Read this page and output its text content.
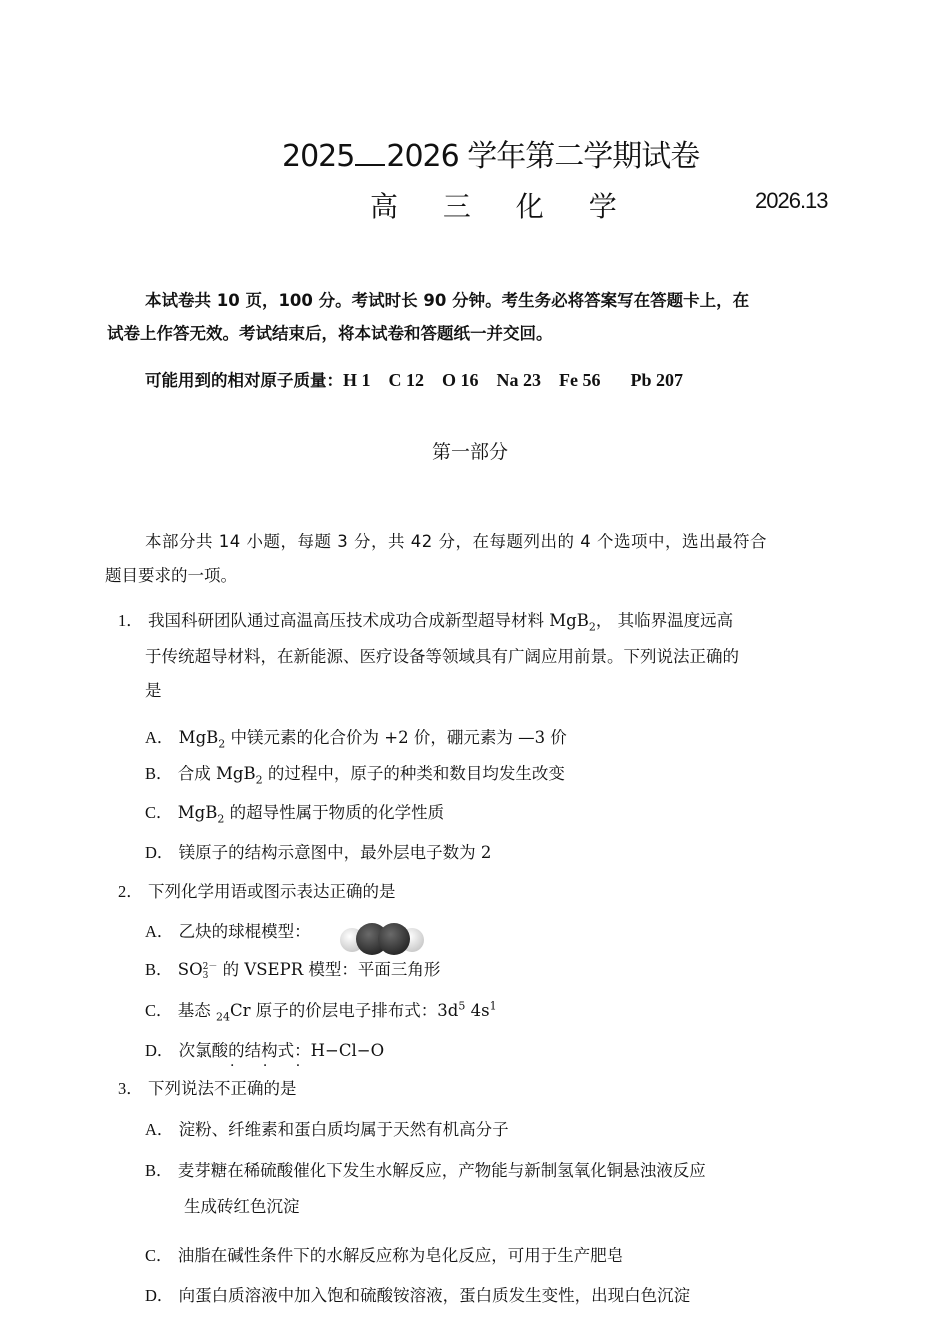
2025 2026 学年第二学期试卷
高 三 化 学	2026.13
本试卷共 10 页，100 分。考试时长 90 分钟。考生务必将答案写在答题卡上，在
试卷上作答无效。考试结束后，将本试卷和答题纸一并交回。
可能用到的相对原子质量：H 1 C 12 O 16 Na 23 Fe 56 Pb 207
第一部分
本部分共 14 小题，每题 3 分，共 42 分，在每题列出的 4 个选项中，选出最符合
题目要求的一项。
1． 我国科研团队通过高温高压技术成功合成新型超导材料 MgB$_2$， 其临界温度远高
于传统超导材料，在新能源、医疗设备等领域具有广阔应用前景。下列说法正确的
是
A． MgB$_2$ 中镁元素的化合价为 +2 价，硼元素为 —3 价
B． 合成 MgB$_2$ 的过程中，原子的种类和数目均发生改变
C． MgB$_2$ 的超导性属于物质的化学性质
D． 镁原子的结构示意图中，最外层电子数为 2
2． 下列化学用语或图示表达正确的是
A． 乙炔的球棍模型：
B． SO 2－
3 的 VSEPR 模型：平面三角形
C． 基态 $_{24}$Cr 原子的价层电子排布式：$3d^5$ $4s^1$
D． 次氯酸的结构式：H−Cl−O
· · ·
3． 下列说法不正确的是
A． 淀粉、纤维素和蛋白质均属于天然有机高分子
B． 麦芽糖在稀硫酸催化下发生水解反应，产物能与新制氢氧化铜悬浊液反应
生成砖红色沉淀
C． 油脂在碱性条件下的水解反应称为皂化反应，可用于生产肥皂
D． 向蛋白质溶液中加入饱和硫酸铵溶液，蛋白质发生变性，出现白色沉淀
